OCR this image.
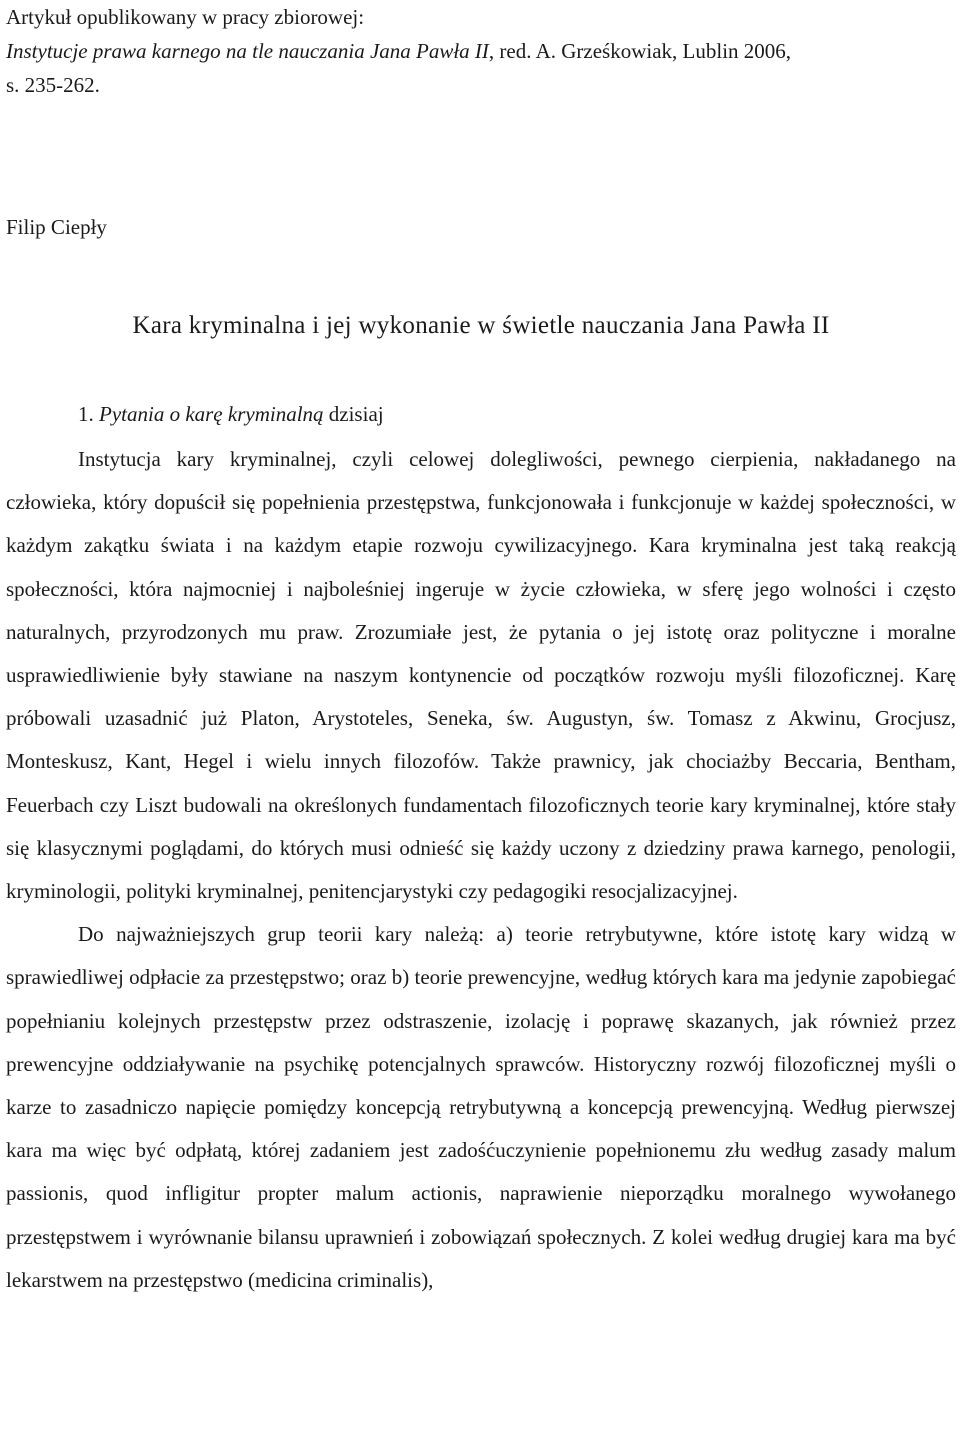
Artykuł opublikowany w pracy zbiorowej:
Instytucje prawa karnego na tle nauczania Jana Pawła II, red. A. Grześkowiak, Lublin 2006,
s. 235-262.
Filip Ciepły
Kara kryminalna i jej wykonanie w świetle nauczania Jana Pawła II
1. Pytania o karę kryminalną dzisiaj

Instytucja kary kryminalnej, czyli celowej dolegliwości, pewnego cierpienia, nakładanego na człowieka, który dopuścił się popełnienia przestępstwa, funkcjonowała i funkcjonuje w każdej społeczności, w każdym zakątku świata i na każdym etapie rozwoju cywilizacyjnego. Kara kryminalna jest taką reakcją społeczności, która najmocniej i najboleśniej ingeruje w życie człowieka, w sferę jego wolności i często naturalnych, przyrodzonych mu praw. Zrozumiałe jest, że pytania o jej istotę oraz polityczne i moralne usprawiedliwienie były stawiane na naszym kontynencie od początków rozwoju myśli filozoficznej. Karę próbowali uzasadnić już Platon, Arystoteles, Seneka, św. Augustyn, św. Tomasz z Akwinu, Grocjusz, Monteskusz, Kant, Hegel i wielu innych filozofów. Także prawnicy, jak chociażby Beccaria, Bentham, Feuerbach czy Liszt budowali na określonych fundamentach filozoficznych teorie kary kryminalnej, które stały się klasycznymi poglądami, do których musi odnieść się każdy uczony z dziedziny prawa karnego, penologii, kryminologii, polityki kryminalnej, penitencjarystyki czy pedagogiki resocjalizacyjnej.

Do najważniejszych grup teorii kary należą: a) teorie retrybutywne, które istotę kary widzą w sprawiedliwej odpłacie za przestępstwo; oraz b) teorie prewencyjne, według których kara ma jedynie zapobiegać popełnianiu kolejnych przestępstw przez odstraszenie, izolację i poprawę skazanych, jak również przez prewencyjne oddziaływanie na psychikę potencjalnych sprawców. Historyczny rozwój filozoficznej myśli o karze to zasadniczo napięcie pomiędzy koncepcją retrybutywną a koncepcją prewencyjną. Według pierwszej kara ma więc być odpłatą, której zadaniem jest zadośćuczynienie popełnionemu złu według zasady malum passionis, quod infligitur propter malum actionis, naprawienie nieporządku moralnego wywołanego przestępstwem i wyrównanie bilansu uprawnień i zobowiązań społecznych. Z kolei według drugiej kara ma być lekarstwem na przestępstwo (medicina criminalis),
